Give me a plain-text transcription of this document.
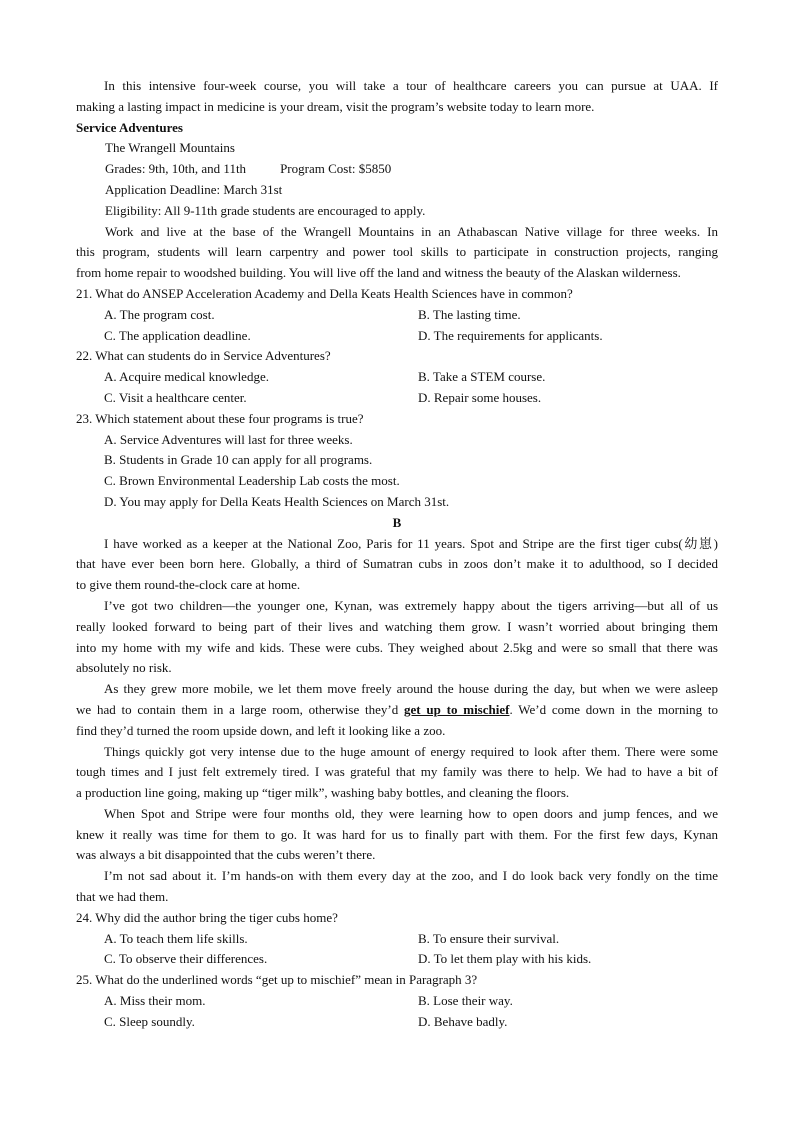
In this intensive four-week course, you will take a tour of healthcare careers you can pursue at UAA. If
making a lasting impact in medicine is your dream, visit the program’s website today to learn more.
Service Adventures
The Wrangell Mountains
Grades: 9th, 10th, and 11th	Program Cost: $5850
Application Deadline: March 31st
Eligibility: All 9-11th grade students are encouraged to apply.
Work and live at the base of the Wrangell Mountains in an Athabascan Native village for three weeks. In
this program, students will learn carpentry and power tool skills to participate in construction projects, ranging
from home repair to woodshed building. You will live off the land and witness the beauty of the Alaskan wilderness.
21. What do ANSEP Acceleration Academy and Della Keats Health Sciences have in common?
A. The program cost.	B. The lasting time.
C. The application deadline.	D. The requirements for applicants.
22. What can students do in Service Adventures?
A. Acquire medical knowledge.	B. Take a STEM course.
C. Visit a healthcare center.	D. Repair some houses.
23. Which statement about these four programs is true?
A. Service Adventures will last for three weeks.
B. Students in Grade 10 can apply for all programs.
C. Brown Environmental Leadership Lab costs the most.
D. You may apply for Della Keats Health Sciences on March 31st.
B
I have worked as a keeper at the National Zoo, Paris for 11 years. Spot and Stripe are the first tiger cubs(幼崽)
that have ever been born here. Globally, a third of Sumatran cubs in zoos don’t make it to adulthood, so I decided
to give them round-the-clock care at home.
I’ve got two children—the younger one, Kynan, was extremely happy about the tigers arriving—but all of us
really looked forward to being part of their lives and watching them grow. I wasn’t worried about bringing them
into my home with my wife and kids. These were cubs. They weighed about 2.5kg and were so small that there was
absolutely no risk.
As they grew more mobile, we let them move freely around the house during the day, but when we were asleep
we had to contain them in a large room, otherwise they’d get up to mischief. We’d come down in the morning to
find they’d turned the room upside down, and left it looking like a zoo.
Things quickly got very intense due to the huge amount of energy required to look after them. There were some
tough times and I just felt extremely tired. I was grateful that my family was there to help. We had to have a bit of
a production line going, making up “tiger milk”, washing baby bottles, and cleaning the floors.
When Spot and Stripe were four months old, they were learning how to open doors and jump fences, and we
knew it really was time for them to go. It was hard for us to finally part with them. For the first few days, Kynan
was always a bit disappointed that the cubs weren’t there.
I’m not sad about it. I’m hands-on with them every day at the zoo, and I do look back very fondly on the time
that we had them.
24. Why did the author bring the tiger cubs home?
A. To teach them life skills.	B. To ensure their survival.
C. To observe their differences.	D. To let them play with his kids.
25. What do the underlined words “get up to mischief” mean in Paragraph 3?
A. Miss their mom.	B. Lose their way.
C. Sleep soundly.	D. Behave badly.
